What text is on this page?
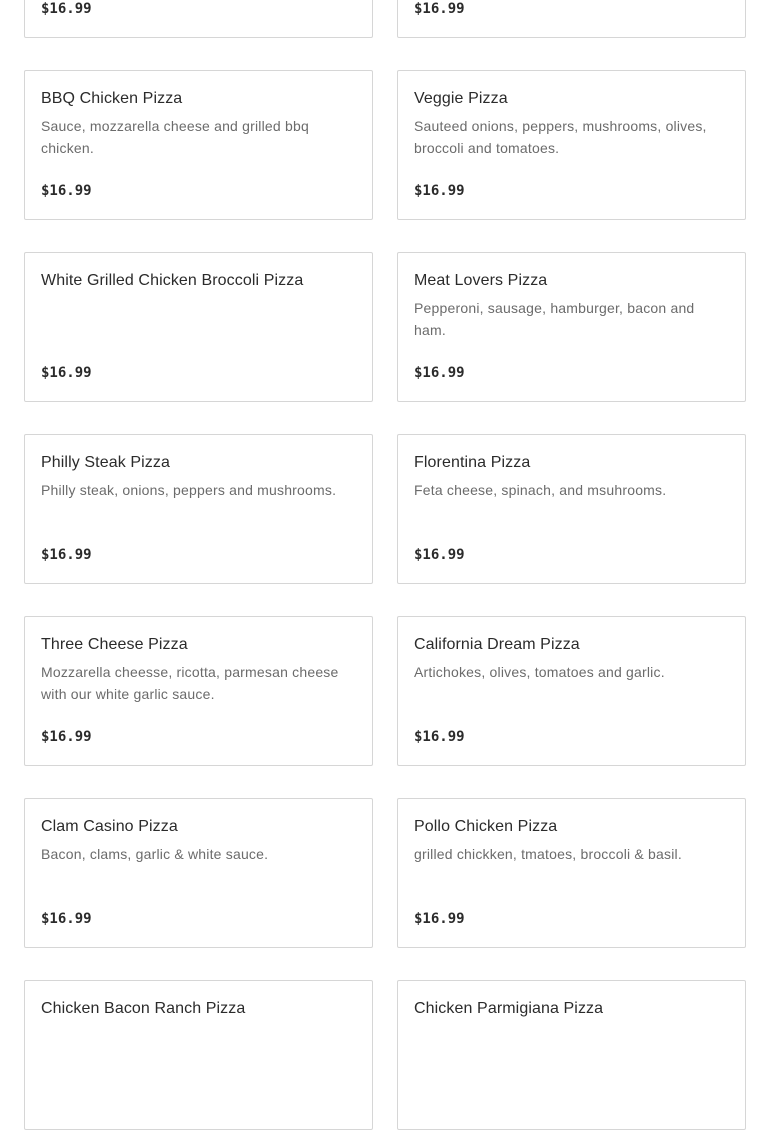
$16.99	$16.99
BBQ Chicken Pizza
Sauce, mozzarella cheese and grilled bbq chicken.
$16.99
Veggie Pizza
Sauteed onions, peppers, mushrooms, olives, broccoli and tomatoes.
$16.99
White Grilled Chicken Broccoli Pizza
$16.99
Meat Lovers Pizza
Pepperoni, sausage, hamburger, bacon and ham.
$16.99
Philly Steak Pizza
Philly steak, onions, peppers and mushrooms.
$16.99
Florentina Pizza
Feta cheese, spinach, and msuhrooms.
$16.99
Three Cheese Pizza
Mozzarella cheesse, ricotta, parmesan cheese with our white garlic sauce.
$16.99
California Dream Pizza
Artichokes, olives, tomatoes and garlic.
$16.99
Clam Casino Pizza
Bacon, clams, garlic & white sauce.
$16.99
Pollo Chicken Pizza
grilled chickken, tmatoes, broccoli & basil.
$16.99
Chicken Bacon Ranch Pizza	Chicken Parmigiana Pizza
